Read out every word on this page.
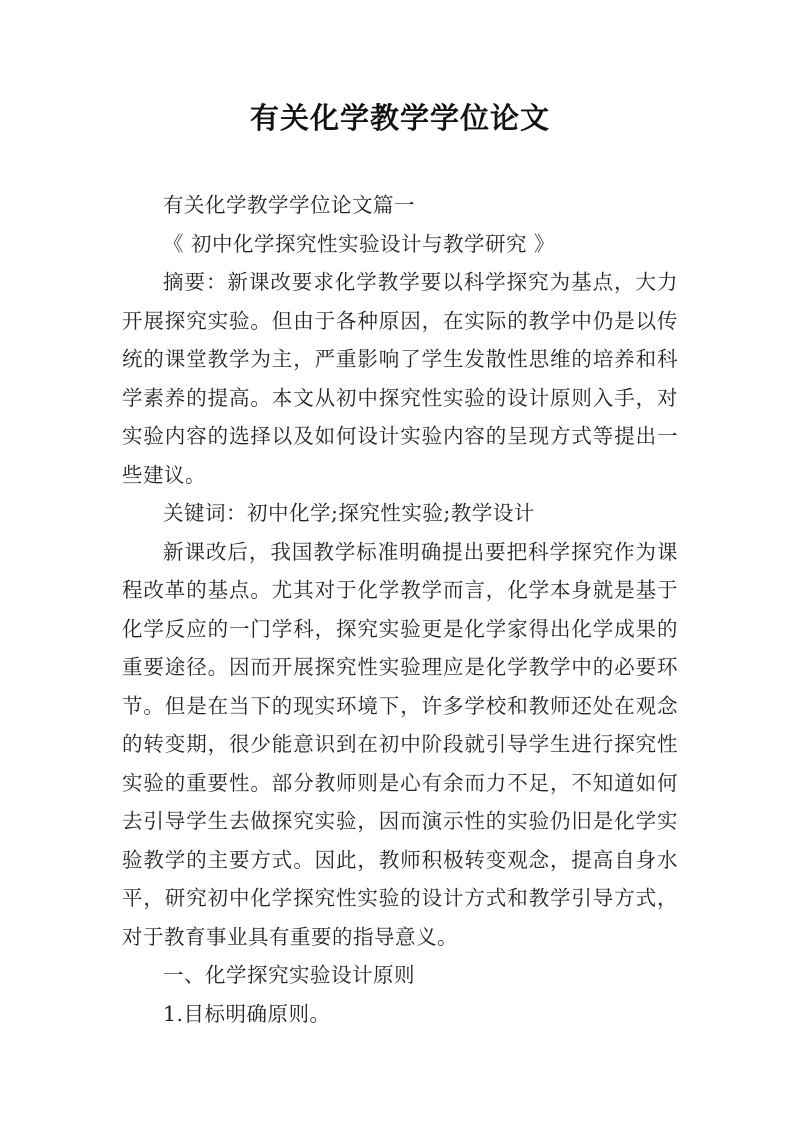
有关化学教学学位论文

有关化学教学学位论文篇一

《 初中化学探究性实验设计与教学研究 》

摘要：新课改要求化学教学要以科学探究为基点，大力开展探究实验。但由于各种原因，在实际的教学中仍是以传统的课堂教学为主，严重影响了学生发散性思维的培养和科学素养的提高。本文从初中探究性实验的设计原则入手，对实验内容的选择以及如何设计实验内容的呈现方式等提出一些建议。

关键词：初中化学;探究性实验;教学设计

新课改后，我国教学标准明确提出要把科学探究作为课程改革的基点。尤其对于化学教学而言，化学本身就是基于化学反应的一门学科，探究实验更是化学家得出化学成果的重要途径。因而开展探究性实验理应是化学教学中的必要环节。但是在当下的现实环境下，许多学校和教师还处在观念的转变期，很少能意识到在初中阶段就引导学生进行探究性实验的重要性。部分教师则是心有余而力不足，不知道如何去引导学生去做探究实验，因而演示性的实验仍旧是化学实验教学的主要方式。因此，教师积极转变观念，提高自身水平，研究初中化学探究性实验的设计方式和教学引导方式，对于教育事业具有重要的指导意义。

一、化学探究实验设计原则

1.目标明确原则。
